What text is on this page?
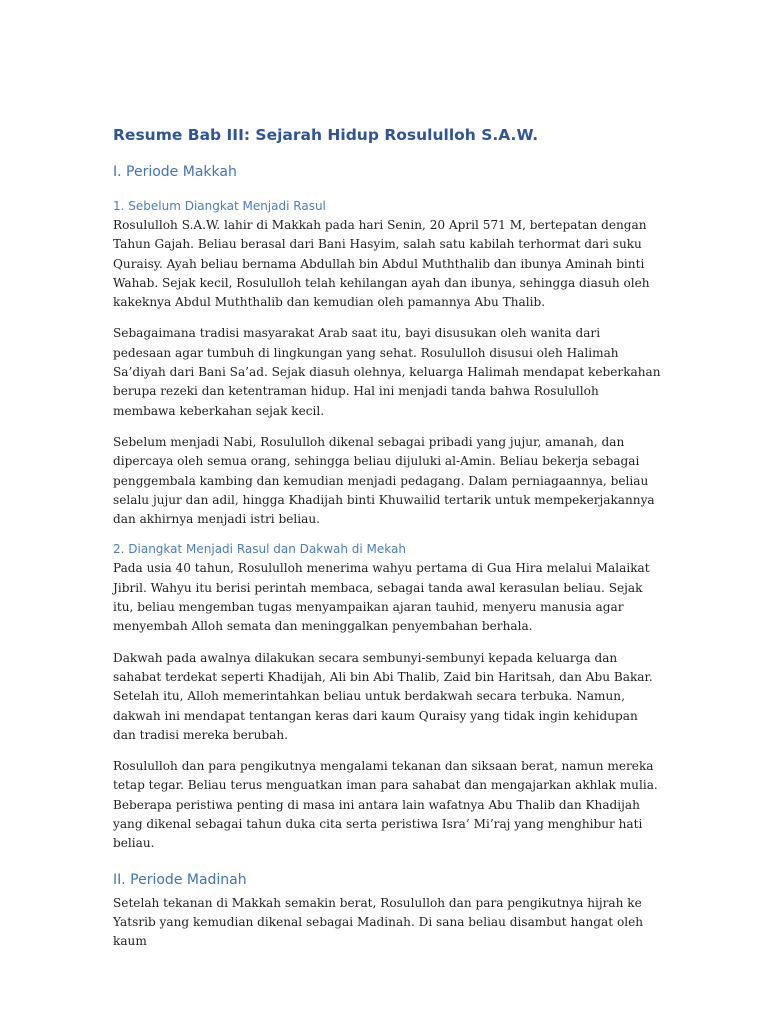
Resume Bab III: Sejarah Hidup Rosululloh S.A.W.
I. Periode Makkah
1. Sebelum Diangkat Menjadi Rasul

Rosululloh S.A.W. lahir di Makkah pada hari Senin, 20 April 571 M, bertepatan dengan Tahun Gajah. Beliau berasal dari Bani Hasyim, salah satu kabilah terhormat dari suku Quraisy. Ayah beliau bernama Abdullah bin Abdul Muththalib dan ibunya Aminah binti Wahab. Sejak kecil, Rosululloh telah kehilangan ayah dan ibunya, sehingga diasuh oleh kakeknya Abdul Muththalib dan kemudian oleh pamannya Abu Thalib.

Sebagaimana tradisi masyarakat Arab saat itu, bayi disusukan oleh wanita dari pedesaan agar tumbuh di lingkungan yang sehat. Rosululloh disusui oleh Halimah Sa’diyah dari Bani Sa’ad. Sejak diasuh olehnya, keluarga Halimah mendapat keberkahan berupa rezeki dan ketentraman hidup. Hal ini menjadi tanda bahwa Rosululloh membawa keberkahan sejak kecil.

Sebelum menjadi Nabi, Rosululloh dikenal sebagai pribadi yang jujur, amanah, dan dipercaya oleh semua orang, sehingga beliau dijuluki al-Amin. Beliau bekerja sebagai penggembala kambing dan kemudian menjadi pedagang. Dalam perniagaannya, beliau selalu jujur dan adil, hingga Khadijah binti Khuwailid tertarik untuk mempekerjakannya dan akhirnya menjadi istri beliau.

2. Diangkat Menjadi Rasul dan Dakwah di Mekah

Pada usia 40 tahun, Rosululloh menerima wahyu pertama di Gua Hira melalui Malaikat Jibril. Wahyu itu berisi perintah membaca, sebagai tanda awal kerasulan beliau. Sejak itu, beliau mengemban tugas menyampaikan ajaran tauhid, menyeru manusia agar menyembah Alloh semata dan meninggalkan penyembahan berhala.

Dakwah pada awalnya dilakukan secara sembunyi-sembunyi kepada keluarga dan sahabat terdekat seperti Khadijah, Ali bin Abi Thalib, Zaid bin Haritsah, dan Abu Bakar. Setelah itu, Alloh memerintahkan beliau untuk berdakwah secara terbuka. Namun, dakwah ini mendapat tentangan keras dari kaum Quraisy yang tidak ingin kehidupan dan tradisi mereka berubah.

Rosululloh dan para pengikutnya mengalami tekanan dan siksaan berat, namun mereka tetap tegar. Beliau terus menguatkan iman para sahabat dan mengajarkan akhlak mulia. Beberapa peristiwa penting di masa ini antara lain wafatnya Abu Thalib dan Khadijah yang dikenal sebagai tahun duka cita serta peristiwa Isra’ Mi’raj yang menghibur hati beliau.

II. Periode Madinah

Setelah tekanan di Makkah semakin berat, Rosululloh dan para pengikutnya hijrah ke Yatsrib yang kemudian dikenal sebagai Madinah. Di sana beliau disambut hangat oleh kaum
